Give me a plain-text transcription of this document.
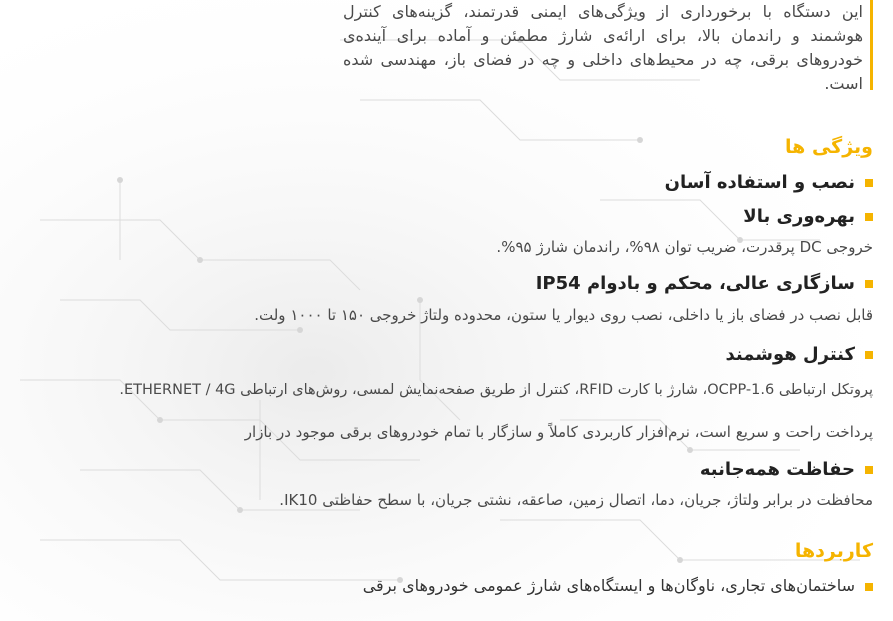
این دستگاه با برخورداری از ویژگی‌های ایمنی قدرتمند، گزینه‌های کنترل هوشمند و راندمان بالا، برای ارائه‌ی شارژ مطمئن و آماده برای آینده‌ی خودروهای برقی، چه در محیط‌های داخلی و چه در فضای باز، مهندسی شده است.
ویژگی ها
نصب و استفاده آسان
بهره‌وری بالا
خروجی DC پرقدرت، ضریب توان ۹۸%، راندمان شارژ ۹۵%.
سازگاری عالی، محکم و بادوام IP54
قابل نصب در فضای باز یا داخلی، نصب روی دیوار یا ستون، محدوده ولتاژ خروجی ۱۵۰ تا ۱۰۰۰ ولت.
کنترل هوشمند
پروتکل ارتباطی OCPP-1.6، شارژ با کارت RFID، کنترل از طریق صفحه‌نمایش لمسی، روش‌های ارتباطی ETHERNET / 4G.
پرداخت راحت و سریع است، نرم‌افزار کاربردی کاملاً و سازگار با تمام خودروهای برقی موجود در بازار
حفاظت همه‌جانبه
محافظت در برابر ولتاژ، جریان، دما، اتصال زمین، صاعقه، نشتی جریان، با سطح حفاظتی IK10.
کاربردها
ساختمان‌های تجاری، ناوگان‌ها و ایستگاه‌های شارژ عمومی خودروهای برقی
